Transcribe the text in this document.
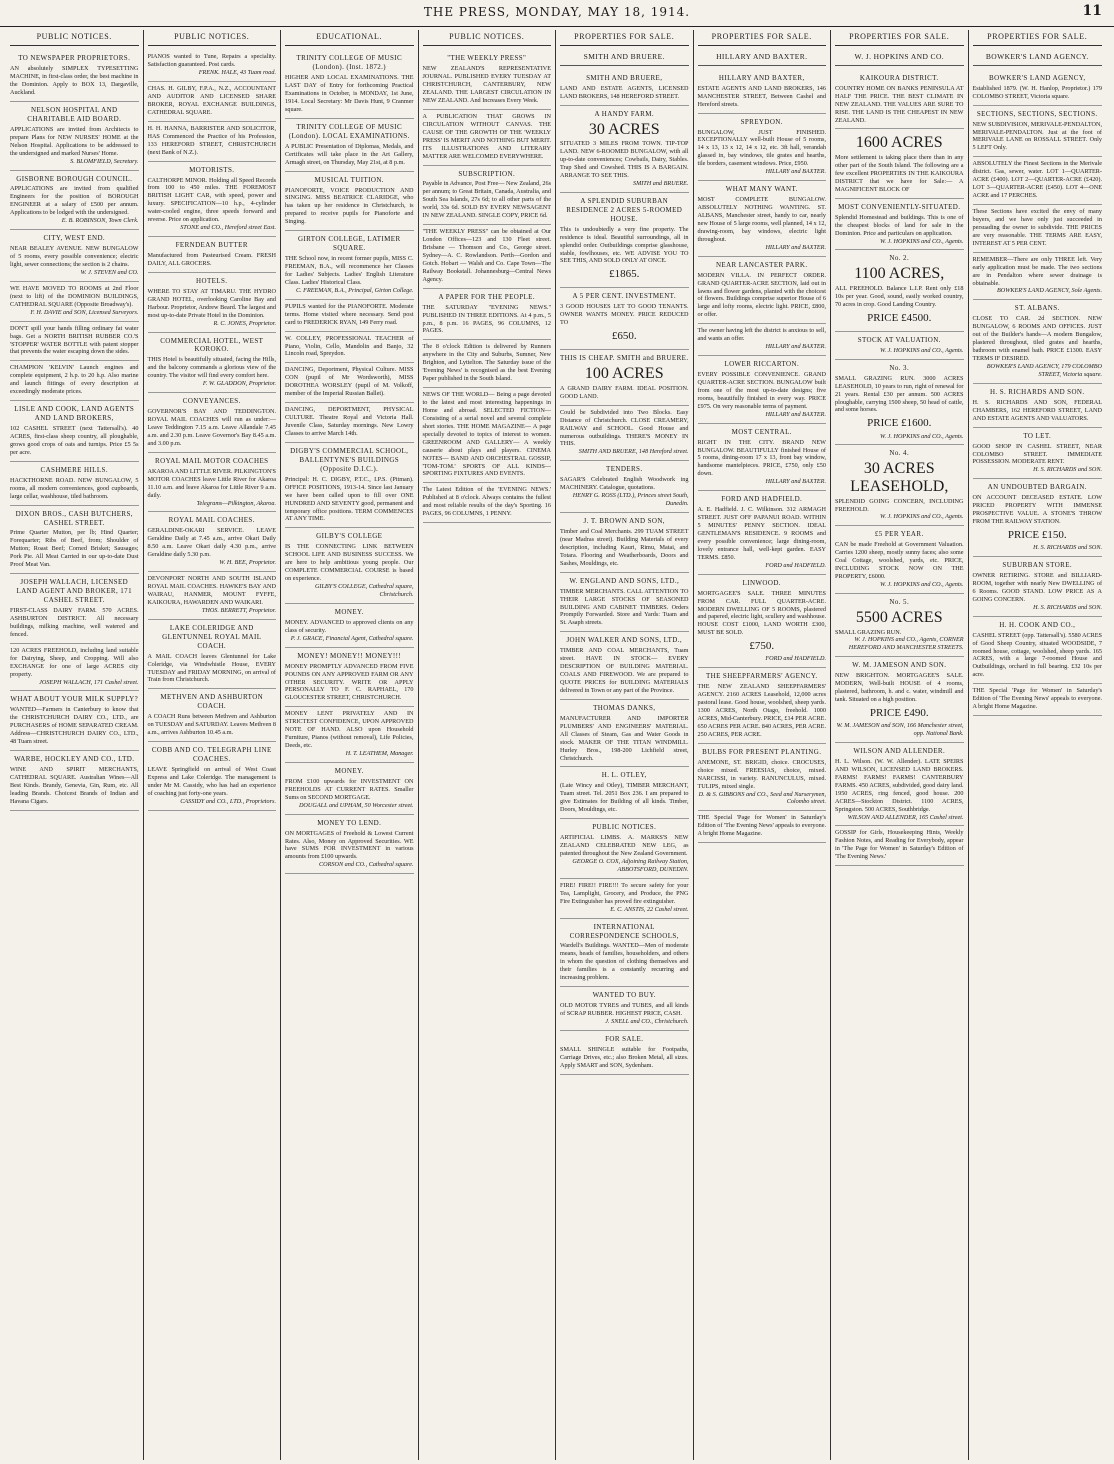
THE PRESS, MONDAY, MAY 18, 1914.	11
PUBLIC NOTICES.
TO NEWSPAPER PROPRIETORS.

AN absolutely SIMPLEX TYPESETTING MACHINE, in first-class order, the best machine in the Dominion. Apply to BOX 13, Dargaville, Auckland.

NELSON HOSPITAL AND CHARITABLE AID BOARD.

APPLICATIONS are invited from Architects to prepare Plans for NEW NURSES' HOME at the Nelson Hospital. Applications to be addressed to the undersigned and marked Nurses' Home.

S. BLOMFIELD, Secretary.

GISBORNE BOROUGH COUNCIL.

APPLICATIONS are invited from qualified Engineers for the position of BOROUGH ENGINEER at a salary of £500 per annum. Applications to be lodged with the undersigned.

E. B. ROBINSON, Town Clerk.

CITY, WEST END.

NEAR BEALEY AVENUE. NEW BUNGALOW of 5 rooms, every possible convenience; electric light, sewer connections; the section is 2 chains.

W. J. STEVEN and CO.

WE HAVE MOVED TO ROOMS at 2nd Floor (next to lift) of the DOMINION BUILDINGS, CATHEDRAL SQUARE (Opposite Broadway's).

F. H. DAVIE and SON, Licensed Surveyors.

DON'T spill your hands filling ordinary fat water bags. Get a NORTH BRITISH RUBBER CO.'S 'STOPPER' WATER BOTTLE with patent stopper that prevents the water escaping down the sides.

CHAMPION 'KELVIN' Launch engines and complete equipment, 2 h.p. to 20 h.p. Also marine and launch fittings of every description at exceedingly moderate prices.

LISLE AND COOK, LAND AGENTS AND LAND BROKERS,

102 CASHEL STREET (next Tattersall's). 40 ACRES, first-class sheep country, all ploughable, grows good crops of oats and turnips. Price £5 5s per acre.

CASHMERE HILLS.

HACKTHORNE ROAD. NEW BUNGALOW, 5 rooms, all modern conveniences, good cupboards, large cellar, washhouse, tiled bathroom.

DIXON BROS., CASH BUTCHERS, CASHEL STREET.

Prime Quarter Mutton, per lb; Hind Quarter; Forequarter; Ribs of Beef, from; Shoulder of Mutton; Roast Beef; Corned Brisket; Sausages; Pork Pie. All Meat Carried in our up-to-date Dust Proof Meat Van.

JOSEPH WALLACH, LICENSED LAND AGENT AND BROKER, 171 CASHEL STREET.

FIRST-CLASS DAIRY FARM. 570 ACRES. ASHBURTON DISTRICT. All necessary buildings, milking machine, well watered and fenced.

120 ACRES FREEHOLD, including land suitable for Dairying, Sheep, and Cropping. Will also EXCHANGE for one of large ACRES city property.

JOSEPH WALLACH, 171 Cashel street.

WHAT ABOUT YOUR MILK SUPPLY?

WANTED—Farmers in Canterbury to know that the CHRISTCHURCH DAIRY CO., LTD., are PURCHASERS of HOME SEPARATED CREAM. Address—CHRISTCHURCH DAIRY CO., LTD., 48 Tuam street.

WARBE, HOCKLEY AND CO., LTD.

WINE AND SPIRIT MERCHANTS, CATHEDRAL SQUARE. Australian Wines—All Best Kinds. Brandy, Genevia, Gin, Rum, etc. All leading Brands. Choicest Brands of Indian and Havana Cigars.

PUBLIC NOTICES.

PIANOS wanted to Tune, Repairs a speciality. Satisfaction guaranteed. Post cards.

FRENK. HALE, 43 Tuam road.

CHAS. H. GILBY, F.P.A., N.Z., ACCOUNTANT AND AUDITOR AND LICENSED SHARE BROKER, ROYAL EXCHANGE BUILDINGS, CATHEDRAL SQUARE.

H. H. HANNA, BARRISTER AND SOLICITOR, HAS Commenced the Practice of his Profession, 133 HEREFORD STREET, CHRISTCHURCH (next Bank of N.Z.).

MOTORISTS.

CALTHORPE MINOR. Holding all Speed Records from 100 to 450 miles. THE FOREMOST BRITISH LIGHT CAR, with speed, power and luxury. SPECIFICATION—10 h.p., 4-cylinder water-cooled engine, three speeds forward and reverse. Price on application.

STONE and CO., Hereford street East.

FERNDEAN BUTTER

Manufactured from Pasteurised Cream. FRESH DAILY, ALL GROCERS.

HOTELS.

WHERE TO STAY AT TIMARU. THE HYDRO GRAND HOTEL, overlooking Caroline Bay and Harbour. Proprietor, Andrew Beard. The largest and most up-to-date Private Hotel in the Dominion.

R. C. JONES, Proprietor.

COMMERCIAL HOTEL, WEST KOROKO.

THIS Hotel is beautifully situated, facing the Hills, and the balcony commands a glorious view of the country. The visitor will find every comfort here.

F. W. GLADDON, Proprietor.

CONVEYANCES.

GOVERNOR'S BAY AND TEDDINGTON. ROYAL MAIL COACHES will run as under:— Leave Teddington 7.15 a.m. Leave Allandale 7.45 a.m. and 2.30 p.m. Leave Governor's Bay 8.45 a.m. and 3.00 p.m.

ROYAL MAIL MOTOR COACHES

AKAROA AND LITTLE RIVER. PILKINGTON'S MOTOR COACHES leave Little River for Akaroa 11.10 a.m. and leave Akaroa for Little River 9 a.m. daily.

Telegrams—Pilkington, Akaroa.

ROYAL MAIL COACHES.

GERALDINE-OKARI SERVICE. LEAVE Geraldine Daily at 7.45 a.m., arrive Okari Daily 8.50 a.m. Leave Okari daily 4.30 p.m., arrive Geraldine daily 5.30 p.m.

W. H. BEE, Proprietor.

DEVONPORT NORTH AND SOUTH ISLAND ROYAL MAIL COACHES. HAWKE'S BAY AND WAIRAU, HANMER, MOUNT FYFFE, KAIKOURA, HAWARDEN AND WAIKARI.

THOS. BERRETT, Proprietor.

LAKE COLERIDGE AND GLENTUNNEL ROYAL MAIL COACH.

A MAIL COACH leaves Glentunnel for Lake Coleridge, via Windwhistle House, EVERY TUESDAY and FRIDAY MORNING, on arrival of Train from Christchurch.

METHVEN AND ASHBURTON COACH.

A COACH Runs between Methven and Ashburton on TUESDAY and SATURDAY. Leaves Methven 8 a.m., arrives Ashburton 10.45 a.m.

COBB AND CO. TELEGRAPH LINE COACHES.

LEAVE Springfield on arrival of West Coast Express and Lake Coleridge. The management is under Mr M. Cassidy, who has had an experience of coaching just forty-one years.

CASSIDY and CO., LTD., Proprietors.

EDUCATIONAL.
TRINITY COLLEGE OF MUSIC (London). (Inst. 1872.)

HIGHER AND LOCAL EXAMINATIONS. THE LAST DAY of Entry for forthcoming Practical Examinations in October, is MONDAY, 1st June, 1914. Local Secretary: Mr Davis Hunt, 9 Cranmer square.

TRINITY COLLEGE OF MUSIC (London). LOCAL EXAMINATIONS.

A PUBLIC Presentation of Diplomas, Medals, and Certificates will take place in the Art Gallery, Armagh street, on Thursday, May 21st, at 8 p.m.

MUSICAL TUITION.

PIANOFORTE, VOICE PRODUCTION AND SINGING. MISS BEATRICE CLARIDGE, who has taken up her residence in Christchurch, is prepared to receive pupils for Pianoforte and Singing.

GIRTON COLLEGE, LATIMER SQUARE.

THE School now, in recent former pupils, MISS C. FREEMAN, B.A., will recommence her Classes for Ladies' Subjects. Ladies' English Literature Class. Ladies' Historical Class.

C. FREEMAN, B.A., Principal, Girton College.

PUPILS wanted for the PIANOFORTE. Moderate terms. Home visited where necessary. Send post card to FREDERICK RYAN, 149 Ferry road.

W. COLLEY, PROFESSIONAL TEACHER of Piano, Violin, Cello, Mandolin and Banjo, 32 Lincoln road, Spreydon.

DANCING, Deportment, Physical Culture. MISS CON (pupil of Mr Wordsworth), MISS DOROTHEA WORSLEY (pupil of M. Volkoff, member of the Imperial Russian Ballet).

DANCING, DEPORTMENT, PHYSICAL CULTURE. Theatre Royal and Victoria Hall. Juvenile Class, Saturday mornings. New Lowry Classes to arrive March 14th.

DIGBY'S COMMERCIAL SCHOOL, BALLENTYNE'S BUILDINGS (Opposite D.I.C.).

Principal: H. C. DIGBY, P.T.C., I.P.S. (Pitman). OFFICE POSITIONS, 1913-14. Since last January we have been called upon to fill over ONE HUNDRED AND SEVENTY good, permanent and temporary office positions. TERM COMMENCES AT ANY TIME.

GILBY'S COLLEGE

IS THE CONNECTING LINK BETWEEN SCHOOL LIFE AND BUSINESS SUCCESS. We are here to help ambitious young people. Our COMPLETE COMMERCIAL COURSE is based on experience.

GILBY'S COLLEGE, Cathedral square, Christchurch.

MONEY.

MONEY. ADVANCED to approved clients on any class of security.

P. J. GRACE, Financial Agent, Cathedral square.

MONEY! MONEY!! MONEY!!!

MONEY PROMPTLY ADVANCED FROM FIVE POUNDS ON ANY APPROVED FARM OR ANY OTHER SECURITY. WRITE OR APPLY PERSONALLY TO F. C. RAPHAEL, 170 GLOUCESTER STREET, CHRISTCHURCH.

MONEY LENT PRIVATELY AND IN STRICTEST CONFIDENCE, UPON APPROVED NOTE OF HAND. ALSO upon Household Furniture, Pianos (without removal), Life Policies, Deeds, etc.

H. T. LEATHEM, Manager.

MONEY.

FROM £100 upwards for INVESTMENT ON FREEHOLDS AT CURRENT RATES. Smaller Sums on SECOND MORTGAGE.

DOUGALL and UPHAM, 50 Worcester street.

MONEY TO LEND.

ON MORTGAGES of Freehold & Lowest Current Rates. Also, Money on Approved Securities. WE have SUMS FOR INVESTMENT in various amounts from £100 upwards.

CORSON and CO., Cathedral square.

PUBLIC NOTICES.
"THE WEEKLY PRESS"

NEW ZEALAND'S REPRESENTATIVE JOURNAL. PUBLISHED EVERY TUESDAY AT CHRISTCHURCH, CANTERBURY, NEW ZEALAND. THE LARGEST CIRCULATION IN NEW ZEALAND. And Increases Every Week.

A PUBLICATION THAT GROWS IN CIRCULATION WITHOUT CANVAS. THE CAUSE OF THE GROWTH OF THE 'WEEKLY PRESS' IS MERIT AND NOTHING BUT MERIT. ITS ILLUSTRATIONS AND LITERARY MATTER ARE WELCOMED EVERYWHERE.

SUBSCRIPTION.

Payable in Advance, Post Free— New Zealand, 26s per annum; to Great Britain, Canada, Australia, and South Sea Islands, 27s 6d; to all other parts of the world, 33s 6d. SOLD BY EVERY NEWSAGENT IN NEW ZEALAND. SINGLE COPY, PRICE 6d.

"THE WEEKLY PRESS" can be obtained at Our London Offices—123 and 130 Fleet street. Brisbane — Thomson and Co., George street. Sydney—A. C. Rowlandson. Perth—Gordon and Gotch. Hobart — Walsh and Co. Cape Town—The Railway Bookstall. Johannesburg—Central News Agency.

A PAPER FOR THE PEOPLE.

THE SATURDAY "EVENING NEWS." PUBLISHED IN THREE EDITIONS. At 4 p.m., 5 p.m., 8 p.m. 16 PAGES, 96 COLUMNS, 12 PAGES.

The 8 o'clock Edition is delivered by Runners anywhere in the City and Suburbs, Sumner, New Brighton, and Lyttelton. The Saturday issue of the 'Evening News' is recognised as the best Evening Paper published in the South Island.

NEWS OF THE WORLD— Being a page devoted to the latest and most interesting happenings in Home and abroad. SELECTED FICTION— Consisting of a serial novel and several complete short stories. THE HOME MAGAZINE— A page specially devoted to topics of interest to women. GREENROOM AND GALLERY— A weekly causerie about plays and players. CINEMA NOTES— BAND AND ORCHESTRAL GOSSIP, 'TOM-TOM.' SPORTS OF ALL KINDS— SPORTING FIXTURES AND EVENTS.

The Latest Edition of the 'EVENING NEWS.' Published at 8 o'clock. Always contains the fullest and most reliable results of the day's Sporting. 16 PAGES, 96 COLUMNS, 1 PENNY.

PROPERTIES FOR SALE.
SMITH AND BRUERE.
SMITH AND BRUERE,

LAND AND ESTATE AGENTS, LICENSED LAND BROKERS, 148 HEREFORD STREET.

A HANDY FARM.
30 ACRES

SITUATED 3 MILES FROM TOWN. TIP-TOP LAND. NEW 6-ROOMED BUNGALOW, with all up-to-date conveniences; Cowbails, Dairy, Stables. Trap Shed and Cowshed. THIS IS A BARGAIN. ARRANGE TO SEE THIS.

SMITH and BRUERE.

A SPLENDID SUBURBAN RESIDENCE 2 ACRES 5-ROOMED HOUSE.

This is undoubtedly a very fine property. The residence is ideal. Beautiful surroundings, all in splendid order. Outbuildings comprise glasshouse, stable, fowlhouses, etc. WE ADVISE YOU TO SEE THIS, AND SOLD ONLY AT ONCE.

£1865.
A 5 PER CENT. INVESTMENT.

3 GOOD HOUSES LET TO GOOD TENANTS. OWNER WANTS MONEY. PRICE REDUCED TO

£650.
THIS IS CHEAP. SMITH and BRUERE.
100 ACRES

A GRAND DAIRY FARM. IDEAL POSITION. GOOD LAND.

Could be Subdivided into Two Blocks. Easy Distance of Christchurch. CLOSE CREAMERY, RAILWAY and SCHOOL. Good House and numerous outbuildings. THERE'S MONEY IN THIS.

SMITH AND BRUERE, 148 Hereford street.

TENDERS.

SAGAR'S Celebrated English Woodwork ing MACHINERY. Catalogue, quotations.

HENRY G. ROSS (LTD.), Princes street South, Dunedin.

J. T. BROWN AND SON,

Timber and Coal Merchants. 299 TUAM STREET (near Madras street). Building Materials of every description, including Kauri, Rimu, Matai, and Totara. Flooring and Weatherboards, Doors and Sashes, Mouldings, etc.

W. ENGLAND AND SONS, LTD.,

TIMBER MERCHANTS. CALL ATTENTION TO THEIR LARGE STOCKS OF SEASONED BUILDING AND CABINET TIMBERS. Orders Promptly Forwarded. Store and Yards: Tuam and St. Asaph streets.

JOHN WALKER AND SONS, LTD.,

TIMBER AND COAL MERCHANTS, Tuam street. HAVE IN STOCK— EVERY DESCRIPTION OF BUILDING MATERIAL. COALS AND FIREWOOD. We are prepared to QUOTE PRICES for BUILDING MATERIALS delivered in Town or any part of the Province.

THOMAS DANKS,

MANUFACTURER AND IMPORTER PLUMBERS' AND ENGINEERS' MATERIAL. All Classes of Steam, Gas and Water Goods in stock. MAKER OF THE TITAN WINDMILL. Hurley Bros., 198-200 Lichfield street, Christchurch.

H. L. OTLEY,

(Late Wincy and Otley), TIMBER MERCHANT, Tuam street. Tel. 2051 Box 236. I am prepared to give Estimates for Building of all kinds. Timber, Doors, Mouldings, etc.

PUBLIC NOTICES.

ARTIFICIAL LIMBS. A. MARKS'S NEW ZEALAND CELEBRATED NEW LEG, as patented throughout the New Zealand Government.

GEORGE O. COX, Adjoining Railway Station, ABBOTSFORD, DUNEDIN.

FIRE! FIRE!! FIRE!!! To secure safety for your Tea, Lamplight, Grocery, and Produce, the PNG Fire Extinguisher has proved fire extinguisher.

E. C. ANSTIS, 22 Cashel street.

INTERNATIONAL CORRESPONDENCE SCHOOLS,

Wardell's Buildings. WANTED—Men of moderate means, heads of families, householders, and others in whom the question of clothing themselves and their families is a constantly recurring and increasing problem.

WANTED TO BUY.

OLD MOTOR TYRES and TUBES, and all kinds of SCRAP RUBBER. HIGHEST PRICE, CASH.

J. SNELL and CO., Christchurch.

FOR SALE.

SMALL SHINGLE suitable for Footpaths, Carriage Drives, etc.; also Broken Metal, all sizes. Apply SMART and SON, Sydenham.

PROPERTIES FOR SALE.
HILLARY AND BAXTER.
HILLARY AND BAXTER,

ESTATE AGENTS AND LAND BROKERS, 146 MANCHESTER STREET, Between Cashel and Hereford streets.

SPREYDON.

BUNGALOW, JUST FINISHED. EXCEPTIONALLY well-built House of 5 rooms, 14 x 13, 13 x 12, 14 x 12, etc. 3ft hall, verandah glassed in, bay windows, tile grates and hearths, tile borders, casement windows. Price, £950.

HILLARY and BAXTER.

WHAT MANY WANT.

MOST COMPLETE BUNGALOW. ABSOLUTELY NOTHING WANTING. ST. ALBANS, Manchester street, handy to car, nearly new House of 5 large rooms, well planned, 14 x 12, drawing-room, bay windows, electric light throughout.

HILLARY and BAXTER.

NEAR LANCASTER PARK.

MODERN VILLA. IN PERFECT ORDER. GRAND QUARTER-ACRE SECTION, laid out in lawns and flower gardens, planted with the choicest of flowers. Buildings comprise superior House of 6 large and lofty rooms, electric light. PRICE, £800, or offer.

The owner having left the district is anxious to sell, and wants an offer.

HILLARY and BAXTER.

LOWER RICCARTON.

EVERY POSSIBLE CONVENIENCE. GRAND QUARTER-ACRE SECTION. BUNGALOW built from one of the most up-to-date designs; five rooms, beautifully finished in every way. PRICE £975. On very reasonable terms of payment.

HILLARY and BAXTER.

MOST CENTRAL.

RIGHT IN THE CITY. BRAND NEW BUNGALOW. BEAUTIFULLY finished House of 5 rooms, dining-room 17 x 13, front bay window, handsome mantelpieces. PRICE, £750, only £50 down.

HILLARY and BAXTER.

FORD AND HADFIELD.

A. E. Hadfield. J. C. Wilkinson. 312 ARMAGH STREET. JUST OFF PAPANUI ROAD. WITHIN 5 MINUTES' PENNY SECTION. IDEAL GENTLEMAN'S RESIDENCE. 9 ROOMS and every possible convenience; large dining-room, lovely entrance hall, well-kept garden. EASY TERMS. £850.

FORD and HADFIELD.

LINWOOD.

MORTGAGEE'S SALE. THREE MINUTES FROM CAR. FULL QUARTER-ACRE. MODERN DWELLING OF 5 ROOMS, plastered and papered, electric light, scullery and washhouse. HOUSE COST £1000, LAND WORTH £300, MUST BE SOLD.

£750.

FORD and HADFIELD.

THE SHEEPFARMERS' AGENCY.

THE NEW ZEALAND SHEEPFARMERS' AGENCY. 2160 ACRES Leasehold, 12,000 acres pastoral lease. Good house, woolshed, sheep yards. 1300 ACRES, North Otago, freehold. 1000 ACRES, Mid-Canterbury. PRICE, £14 PER ACRE. 650 ACRES PER ACRE. 840 ACRES, PER ACRE. 250 ACRES, PER ACRE.

BULBS FOR PRESENT PLANTING.

ANEMONE, ST. BRIGID, choice. CROCUSES, choice mixed. FREESIAS, choice, mixed. NARCISSI, in variety. RANUNCULUS, mixed. TULIPS, mixed single.

D. & S. GIBBONS and CO., Seed and Nurserymen, Colombo street.

THE Special 'Page for Women' in Saturday's Edition of 'The Evening News' appeals to everyone. A bright Home Magazine.

PROPERTIES FOR SALE.
W. J. HOPKINS AND CO.
KAIKOURA DISTRICT.

COUNTRY HOME ON BANKS PENINSULA AT HALF THE PRICE. THE BEST CLIMATE IN NEW ZEALAND. THE VALUES ARE SURE TO RISE. THE LAND IS THE CHEAPEST IN NEW ZEALAND.

1600 ACRES

More settlement is taking place there than in any other part of the South Island. The following are a few excellent PROPERTIES IN THE KAIKOURA DISTRICT that we have for Sale:— A MAGNIFICENT BLOCK OF

MOST CONVENIENTLY-SITUATED.

Splendid Homestead and buildings. This is one of the cheapest blocks of land for sale in the Dominion. Price and particulars on application.

W. J. HOPKINS and CO., Agents.

No. 2.
1100 ACRES,

ALL FREEHOLD. Balance L.I.P. Rent only £18 10s per year. Good, sound, easily worked country, 70 acres in crop. Good Landing Country.

PRICE £4500.
STOCK AT VALUATION.

W. J. HOPKINS and CO., Agents.

No. 3.

SMALL GRAZING RUN. 3000 ACRES LEASEHOLD, 10 years to run, right of renewal for 21 years. Rental £30 per annum. 500 ACRES ploughable, carrying 1500 sheep, 50 head of cattle, and some horses.

PRICE £1600.

W. J. HOPKINS and CO., Agents.

No. 4.
30 ACRES LEASEHOLD,

SPLENDID GOING CONCERN, INCLUDING FREEHOLD.

W. J. HOPKINS and CO., Agents.

£5 PER YEAR.

CAN be made Freehold at Government Valuation. Carries 1200 sheep, mostly sunny faces; also some Coal Cottage, woolshed, yards, etc. PRICE, INCLUDING STOCK NOW ON THE PROPERTY, £6000.

W. J. HOPKINS and CO., Agents.

No. 5.
5500 ACRES

SMALL GRAZING RUN.

W. J. HOPKINS and CO., Agents, CORNER HEREFORD AND MANCHESTER STREETS.

W. M. JAMESON AND SON.

NEW BRIGHTON. MORTGAGEE'S SALE. MODERN, Well-built HOUSE of 4 rooms, plastered, bathroom, h. and c. water, windmill and tank. Situated on a high position.

PRICE £490.

W. M. JAMESON and SON, 166 Manchester street, opp. National Bank.

WILSON AND ALLENDER.

H. L. Wilson. (W. W. Allender). LATE SPEIRS AND WILSON, LICENSED LAND BROKERS. FARMS! FARMS! FARMS! CANTERBURY FARMS. 450 ACRES, subdivided, good dairy land. 1950 ACRES, ring fenced, good house. 200 ACRES—Stockton District. 1100 ACRES, Springston. 500 ACRES, Southbridge.

WILSON AND ALLENDER, 165 Cashel street.

GOSSIP for Girls, Housekeeping Hints, Weekly Fashion Notes, and Reading for Everybody, appear in 'The Page for Women' in Saturday's Edition of 'The Evening News.'

PROPERTIES FOR SALE.
BOWKER'S LAND AGENCY.
BOWKER'S LAND AGENCY,

Established 1879. (W. H. Hanlop, Proprietor.) 179 COLOMBO STREET, Victoria square.

SECTIONS, SECTIONS, SECTIONS.

NEW SUBDIVISION, MERIVALE-PENDALTON, MERIVALE-PENDALTON. Just at the foot of MERIVALE LANE on ROSSALL STREET. Only 5 LEFT Only.

ABSOLUTELY the Finest Sections in the Merivale district. Gas, sewer, water. LOT 1—QUARTER-ACRE (£400). LOT 2—QUARTER-ACRE (£420). LOT 3—QUARTER-ACRE (£450). LOT 4—ONE ACRE and 17 PERCHES.

These Sections have excited the envy of many buyers, and we have only just succeeded in persuading the owner to subdivide. THE PRICES are very reasonable. THE TERMS ARE EASY, INTEREST AT 5 PER CENT.

REMEMBER—There are only THREE left. Very early application must be made. The two sections are in Pendalton where sewer drainage is obtainable.

BOWKER'S LAND AGENCY, Sole Agents.

ST. ALBANS.

CLOSE TO CAR. 2d SECTION. NEW BUNGALOW, 6 ROOMS AND OFFICES. JUST out of the Builder's hands—A modern Bungalow, plastered throughout, tiled grates and hearths, bathroom with enamel bath. PRICE £1300. EASY TERMS IF DESIRED.

BOWKER'S LAND AGENCY, 179 COLOMBO STREET, Victoria square.

H. S. RICHARDS AND SON.

H. S. RICHARDS AND SON, FEDERAL CHAMBERS, 162 HEREFORD STREET, LAND AND ESTATE AGENTS AND VALUATORS.

TO LET.

GOOD SHOP IN CASHEL STREET, NEAR COLOMBO STREET. IMMEDIATE POSSESSION. MODERATE RENT.

H. S. RICHARDS and SON.

AN UNDOUBTED BARGAIN.

ON ACCOUNT DECEASED ESTATE. LOW PRICED PROPERTY WITH IMMENSE PROSPECTIVE VALUE. A STONE'S THROW FROM THE RAILWAY STATION.

PRICE £150.

H. S. RICHARDS and SON.

SUBURBAN STORE.

OWNER RETIRING. STORE and BILLIARD-ROOM, together with nearly New DWELLING of 6 Rooms. GOOD STAND. LOW PRICE AS A GOING CONCERN.

H. S. RICHARDS and SON.

H. H. COOK AND CO.,

CASHEL STREET (opp. Tattersall's). 5580 ACRES of Good Sheep Country, situated WOODSIDE, 7 roomed house, cottage, woolshed, sheep yards. 165 ACRES, with a large 7-roomed House and Outbuildings, orchard in full bearing. £32 10s per acre.

THE Special 'Page for Women' in Saturday's Edition of 'The Evening News' appeals to everyone. A bright Home Magazine.
